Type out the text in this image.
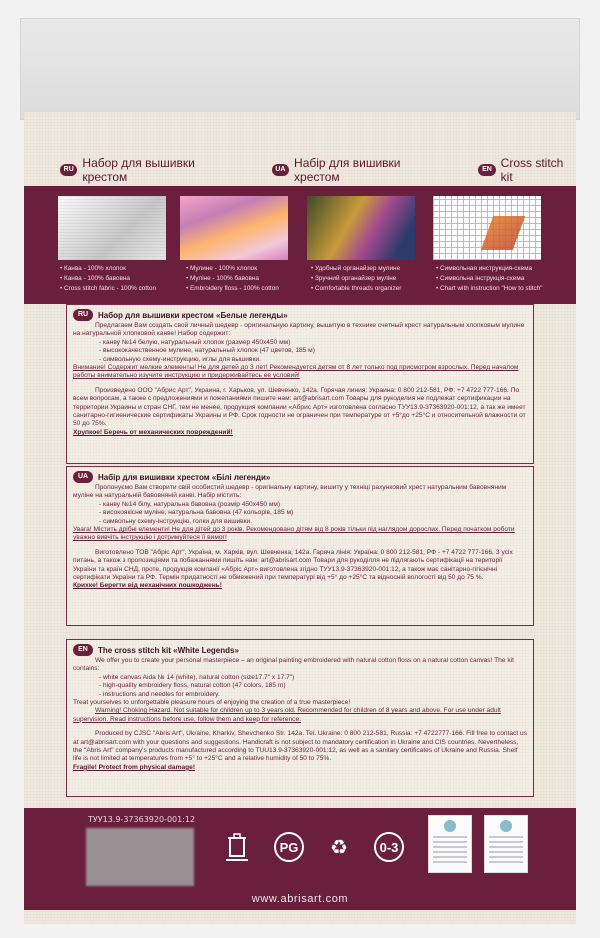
RU Набор для вышивки крестом
UA Набір для вишивки хрестом
EN Cross stitch kit
• Канва - 100% хлопок
• Канва - 100% бавовна
• Cross stitch fabric - 100% cotton
• Мулине - 100% хлопок
• Муліне - 100% бавовна
• Embroidery floss - 100% cotton
• Удобный органайзер мулине
• Зручний органайзер муліне
• Comfortable threads organizer
• Символьная инструкция-схема
• Символьна інструкція-схема
• Chart with instruction "How to stitch"
RU	Набор для вышивки крестом «Белые легенды»
Предлагаем Вам создать свой личный шедевр - оригинальную картину, вышитую в технике счетный крест натуральным хлопковым мулине на натуральной хлопковой канве! Набор содержит:
- канву №14 белую, натуральный хлопок (размер 450x450 мм)
- высококачественное мулине, натуральный хлопок (47 цветов, 185 м)
- символьную схему-инструкцию, иглы для вышивки.
Внимание! Содержит мелкие элементы! Не для детей до 3 лет! Рекомендуется детям от 8 лет только под присмотром взрослых. Перед началом работы внимательно изучите инструкцию и придерживайтесь ее условий!
Произведено ООО "Абрис Арт", Украина, г. Харьков, ул. Шевченко, 142а. Горячая линия: Украина: 0 800 212-581, РФ: +7 4722 777-166. По всем вопросам, а также с предложениями и пожеланиями пишите нам: art@abrisart.com Товары для рукоделия не подлежат сертификации на территории Украины и стран СНГ, тем не менее, продукция компании «Абрис Арт» изготовлена согласно ТУУ13.9-37363920-001:12, а так же имеет санитарно-гигиенические сертификаты Украины и РФ. Срок годности не ограничен при температуре от +5°до +25°С и относительной влажности от 50 до 75%.
Хрупкое! Беречь от механических повреждений!
UA	Набір для вишивки хрестом «Білі легенди»
Пропонуємо Вам створити свій особистий шедевр - оригінальну картину, вишиту у техніці рахунковий хрест натуральним бавовняним муліне на натуральній бавовняній канві. Набір містить:
- канву №14 білу, натуральна бавовна (розмір 450x450 мм)
- високоякісне муліне, натуральна бавовна (47 кольорів, 185 м)
- символьну схему-інструкцію, голки для вишивки.
Увага! Містить дрібні елементи! Не для дітей до 3 років. Рекомендовано дітям від 8 років тільки під наглядом дорослих. Перед початком роботи уважно вивчіть інструкцію і дотримуйтеся її вимог!
Виготовлено ТОВ "Абріс Арт", Україна, м. Харків, вул. Шевченка, 142а. Гаряча лінія: Україна: 0 800 212-581, РФ - +7 4722 777-166. З усіх питань, а також з пропозиціями та побажаннями пишіть нам: art@abrisart.com Товари для рукоділля не підлягають сертифікації на території України та країн СНД, проте, продукція компанії «Абріс Арт» виготовлена згідно ТУУ13.9-37363920-001:12, а також має санітарно-гігієнічні сертифікати України та РФ. Термін придатності не обмежений при температурі від +5° до +25°С та відносній вологості від 50 до 75 %.
Крихке! Берегти від механічних пошкоджень!
EN	The cross stitch kit «White Legends»
We offer you to create your personal masterpiece – an original painting embroidered with natural cotton floss on a natural cotton canvas! The kit contains:
- white canvas Aida № 14 (white), natural cotton (size17.7" x 17.7")
- high-quality embroidery floss, natural cotton (47 colors, 185 m)
- instructions and needles for embroidery.
Treat yourselves to unforgettable pleasure hours of enjoying the creation of a true masterpiece!
Warning! Choking Hazard. Not suitable for children up to 3 years old. Recommended for children of 8 years and above. For use under adult supervision. Read instructions before use, follow them and keep for reference.
Produced by CJSC "Abris Art", Ukraine, Kharkiv, Shevchenko Str. 142a. Tel. Ukraine: 0 800 212-581, Russia: +7 4722777-166. Fill free to contact us at art@abrisart.com with your questions and suggestions. Handicraft is not subject to mandatory certification in Ukraine and CIS countries. Nevertheless, the "Abris Art" company's products manufactured according to TUU13.9-37363920-001:12, as well as a sanitary certificates of Ukraine and Russia. Shelf life is not limited at temperatures from +5° to +25°C and a relative humidity of 50 to 75%.
Fragile! Protect from physical damage!
ТУУ13.9-37363920-001:12
PG	♻	0-3
www.abrisart.com
